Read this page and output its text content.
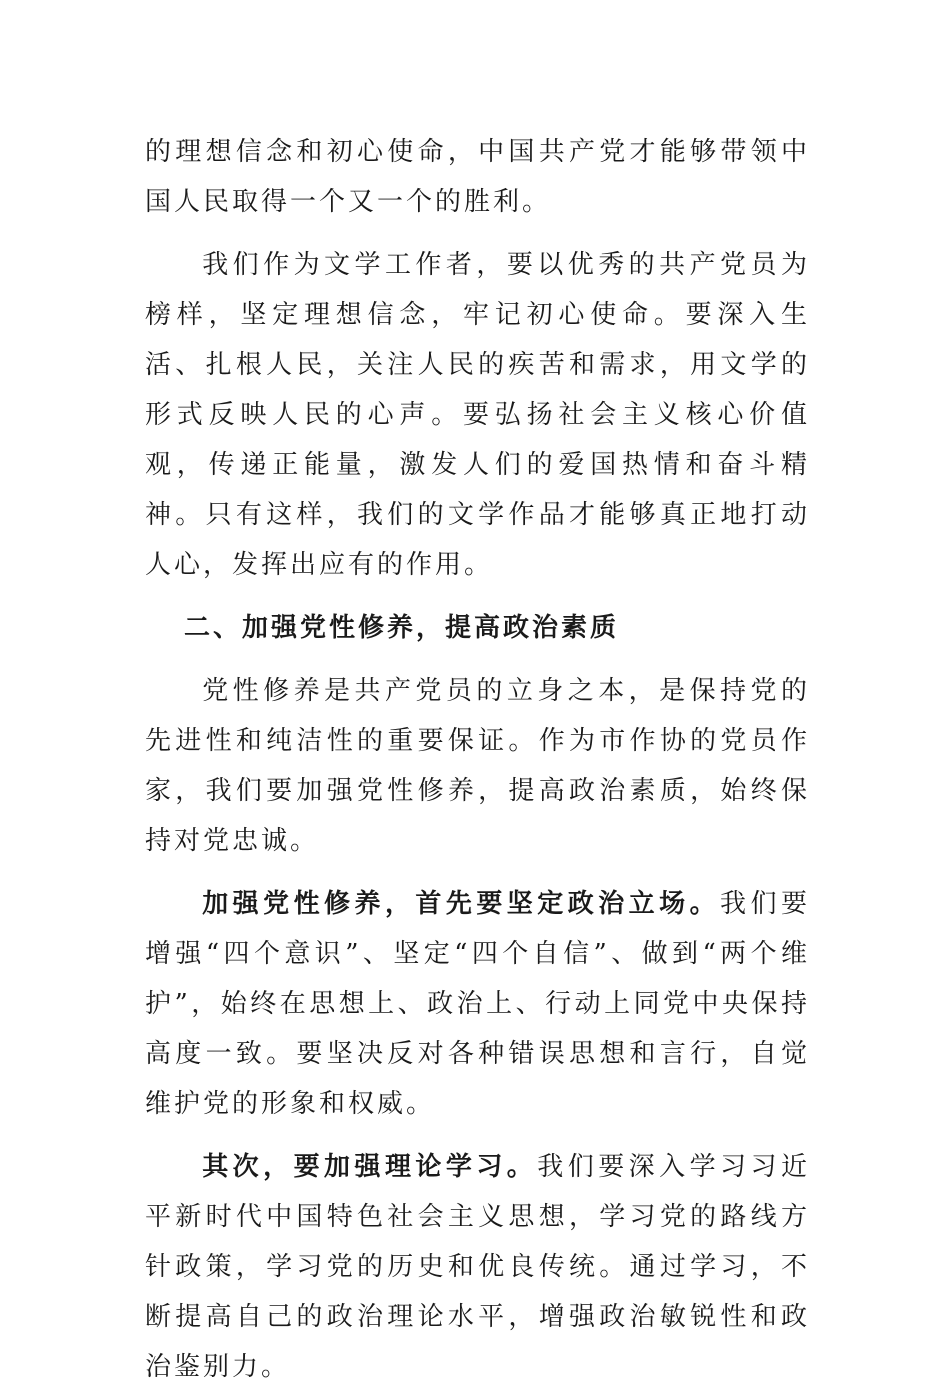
的理想信念和初心使命，中国共产党才能够带领中国人民取得一个又一个的胜利。

我们作为文学工作者，要以优秀的共产党员为榜样，坚定理想信念，牢记初心使命。要深入生活、扎根人民，关注人民的疾苦和需求，用文学的形式反映人民的心声。要弘扬社会主义核心价值观，传递正能量，激发人们的爱国热情和奋斗精神。只有这样，我们的文学作品才能够真正地打动人心，发挥出应有的作用。

二、加强党性修养，提高政治素质

党性修养是共产党员的立身之本，是保持党的先进性和纯洁性的重要保证。作为市作协的党员作家，我们要加强党性修养，提高政治素质，始终保持对党忠诚。

加强党性修养，首先要坚定政治立场。我们要增强“四个意识”、坚定“四个自信”、做到“两个维护”，始终在思想上、政治上、行动上同党中央保持高度一致。要坚决反对各种错误思想和言行，自觉维护党的形象和权威。

其次，要加强理论学习。我们要深入学习习近平新时代中国特色社会主义思想，学习党的路线方针政策，学习党的历史和优良传统。通过学习，不断提高自己的政治理论水平，增强政治敏锐性和政治鉴别力。
